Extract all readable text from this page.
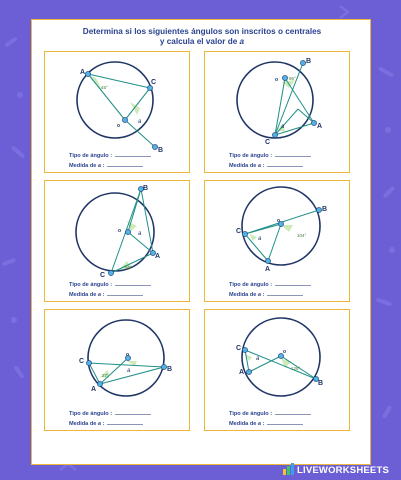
Determina si los siguientes ángulos son inscritos o centrales
y calcula el valor de a
A
C
B
o
45°
a
Tipo de ángulo :
Medida de a :
B
A
C
o 96°
a
Tipo de ángulo :
Medida de a :
B
A
C
o
55°
a
Tipo de ángulo :
Medida de a :
C
B
A
o
104°
a
Tipo de ángulo :
Medida de a :
C
A
B
o
27°
a
Tipo de ángulo :
Medida de a :
C
A
B
o
128°
a
Tipo de ángulo :
Medida de a :
LIVEWORKSHEETS
